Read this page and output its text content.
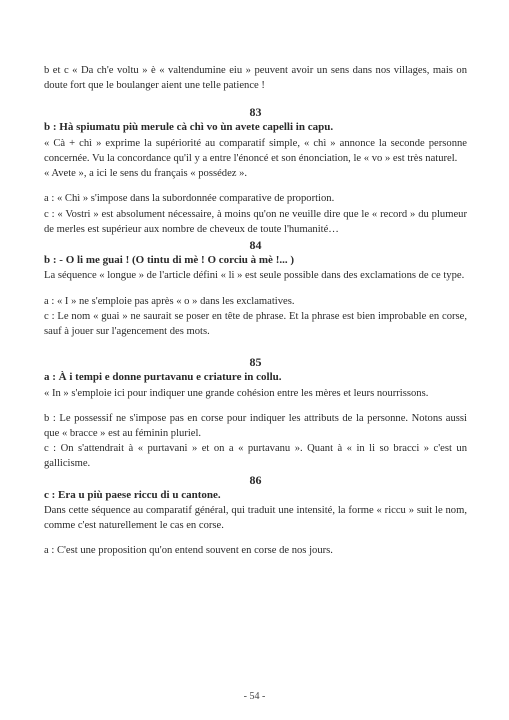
b et c « Da ch'e voltu » è « valtendumine eiu » peuvent avoir un sens dans nos villages, mais on doute fort que le boulanger aient une telle patience !

83

b : Hà spiumatu più merule cà chì vo ùn avete capelli in capu.

« Cà + chì » exprime la supériorité au comparatif simple, « chì » annonce la seconde personne concernée. Vu la concordance qu'il y a entre l'énoncé et son énonciation, le « vo » est très naturel.

« Avete », a ici le sens du français « possédez ».

a : « Chì » s'impose dans la subordonnée comparative de proportion.

c : « Vostri » est absolument nécessaire, à moins qu'on ne veuille dire que le « record » du plumeur de merles est supérieur aux nombre de cheveux de toute l'humanité…

84

b : - O li me guai ! (O tintu di mè ! O corciu à mè !... )

La séquence « longue » de l'article défini « li » est seule possible dans des exclamations de ce type.

a : « I » ne s'emploie pas après « o » dans les exclamatives.

c : Le nom « guai » ne saurait se poser en tête de phrase. Et la phrase est bien improbable en corse, sauf à jouer sur l'agencement des mots.

85

a : À i tempi e donne purtavanu e criature in collu.

« In » s'emploie ici pour indiquer une grande cohésion entre les mères et leurs nourrissons.

b : Le possessif ne s'impose pas en corse pour indiquer les attributs de la personne. Notons aussi que « bracce » est au féminin pluriel.

c : On s'attendrait à « purtavani » et on a « purtavanu ». Quant à « in li so bracci » c'est un gallicisme.

86

c : Era u più paese riccu di u cantone.

Dans cette séquence au comparatif général, qui traduit une intensité, la forme « riccu » suit le nom, comme c'est naturellement le cas en corse.

a : C'est une proposition qu'on entend souvent en corse de nos jours.

- 54 -
